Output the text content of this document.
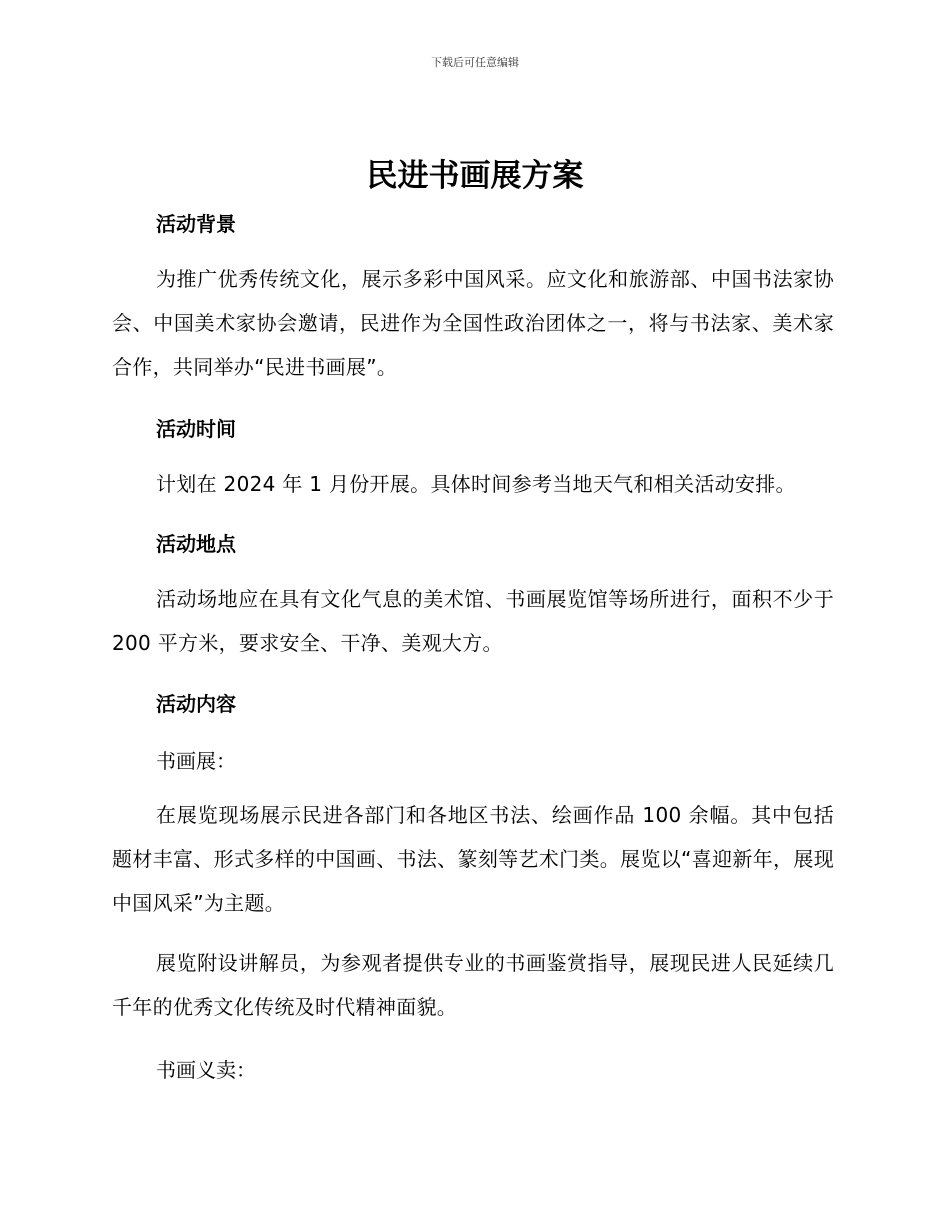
下载后可任意编辑
民进书画展方案
活动背景
为推广优秀传统文化，展示多彩中国风采。应文化和旅游部、中国书法家协会、中国美术家协会邀请，民进作为全国性政治团体之一，将与书法家、美术家合作，共同举办“民进书画展”。
活动时间
计划在 2024 年 1 月份开展。具体时间参考当地天气和相关活动安排。
活动地点
活动场地应在具有文化气息的美术馆、书画展览馆等场所进行，面积不少于 200 平方米，要求安全、干净、美观大方。
活动内容
书画展：
在展览现场展示民进各部门和各地区书法、绘画作品 100 余幅。其中包括题材丰富、形式多样的中国画、书法、篆刻等艺术门类。展览以“喜迎新年，展现中国风采”为主题。
展览附设讲解员，为参观者提供专业的书画鉴赏指导，展现民进人民延续几千年的优秀文化传统及时代精神面貌。
书画义卖：
